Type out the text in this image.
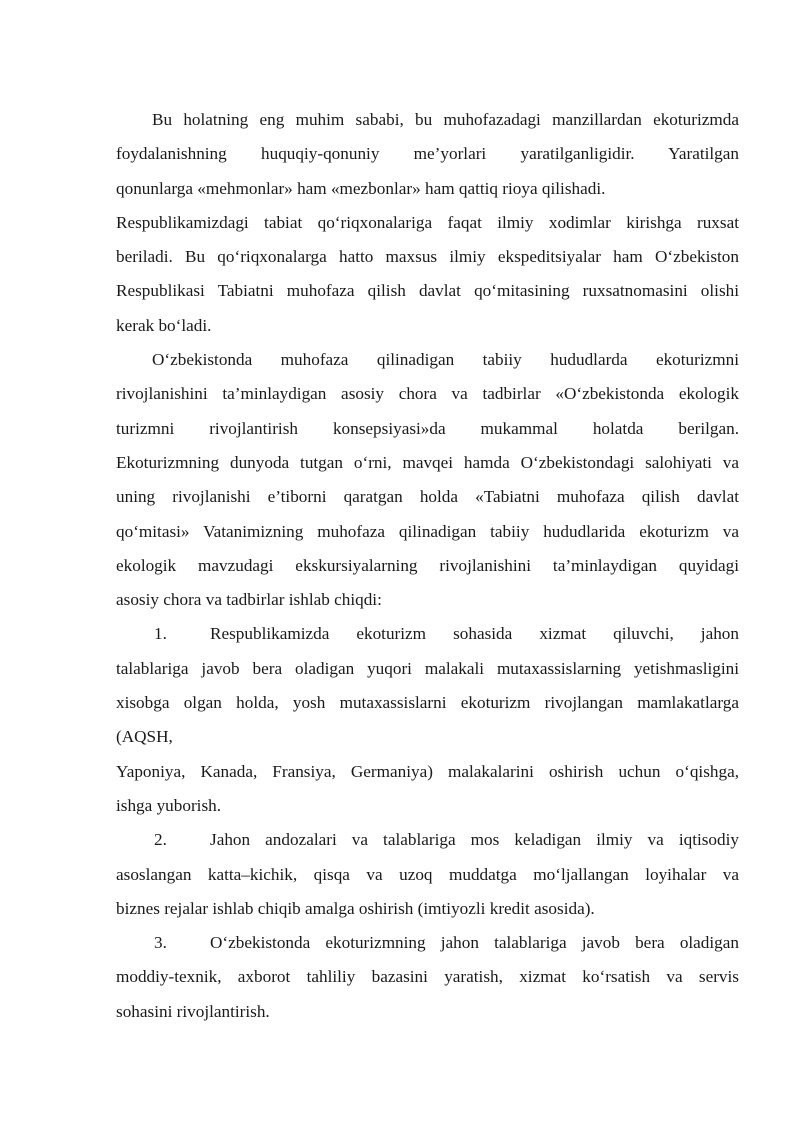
Bu holatning eng muhim sababi, bu muhofazadagi manzillardan ekoturizmda
foydalanishning huquqiy-qonuniy me’yorlari yaratilganligidir. Yaratilgan
qonunlarga «mehmonlar» ham «mezbonlar» ham qattiq rioya qilishadi.
Respublikamizdagi tabiat qo‘riqxonalariga faqat ilmiy xodimlar kirishga ruxsat
beriladi. Bu qo‘riqxonalarga hatto maxsus ilmiy ekspeditsiyalar ham O‘zbekiston
Respublikasi Tabiatni muhofaza qilish davlat qo‘mitasining ruxsatnomasini olishi
kerak bo‘ladi.
O‘zbekistonda muhofaza qilinadigan tabiiy hududlarda ekoturizmni
rivojlanishini ta’minlaydigan asosiy chora va tadbirlar «O‘zbekistonda ekologik
turizmni rivojlantirish konsepsiyasi»da mukammal holatda berilgan.
Ekoturizmning dunyoda tutgan o‘rni, mavqei hamda O‘zbekistondagi salohiyati va
uning rivojlanishi e’tiborni qaratgan holda «Tabiatni muhofaza qilish davlat
qo‘mitasi» Vatanimizning muhofaza qilinadigan tabiiy hududlarida ekoturizm va
ekologik mavzudagi ekskursiyalarning rivojlanishini ta’minlaydigan quyidagi
asosiy chora va tadbirlar ishlab chiqdi:
1.	Respublikamizda ekoturizm sohasida xizmat qiluvchi, jahon
talablariga javob bera oladigan yuqori malakali mutaxassislarning yetishmasligini
xisobga olgan holda, yosh mutaxassislarni ekoturizm rivojlangan mamlakatlarga
(AQSH,
Yaponiya, Kanada, Fransiya, Germaniya) malakalarini oshirish uchun o‘qishga,
ishga yuborish.
2.	Jahon andozalari va talablariga mos keladigan ilmiy va iqtisodiy
asoslangan katta–kichik, qisqa va uzoq muddatga mo‘ljallangan loyihalar va
biznes rejalar ishlab chiqib amalga oshirish (imtiyozli kredit asosida).
3.	O‘zbekistonda ekoturizmning jahon talablariga javob bera oladigan
moddiy-texnik, axborot tahliliy bazasini yaratish, xizmat ko‘rsatish va servis
sohasini rivojlantirish.
